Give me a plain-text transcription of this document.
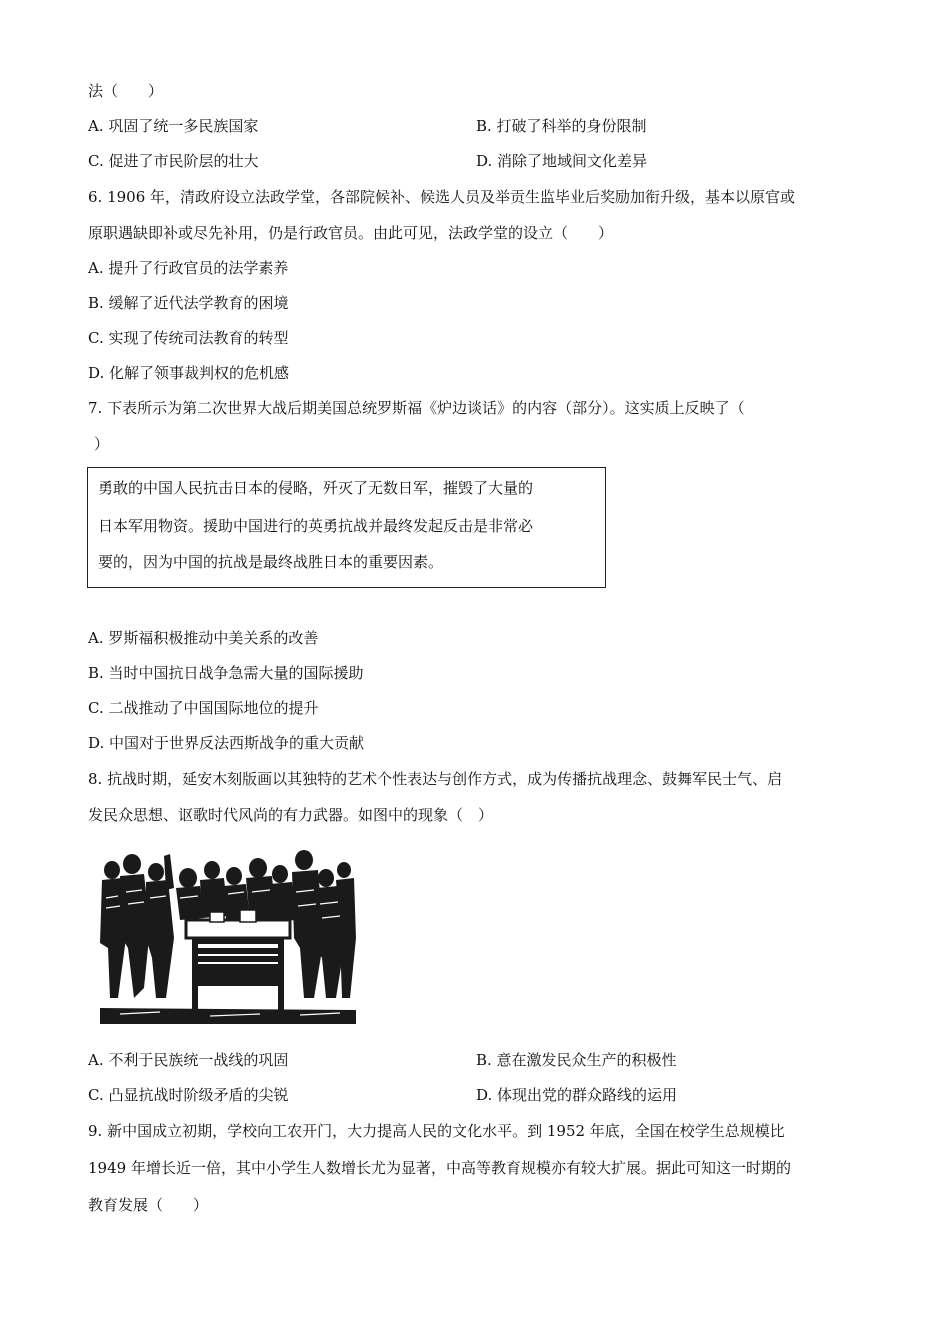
法（　　）
A. 巩固了统一多民族国家	B. 打破了科举的身份限制
C. 促进了市民阶层的壮大	D. 消除了地域间文化差异
6. 1906 年，清政府设立法政学堂，各部院候补、候选人员及举贡生监毕业后奖励加衔升级，基本以原官或
原职遇缺即补或尽先补用，仍是行政官员。由此可见，法政学堂的设立（　　）
A. 提升了行政官员的法学素养
B. 缓解了近代法学教育的困境
C. 实现了传统司法教育的转型
D. 化解了领事裁判权的危机感
7. 下表所示为第二次世界大战后期美国总统罗斯福《炉边谈话》的内容（部分）。这实质上反映了（
）
勇敢的中国人民抗击日本的侵略，歼灭了无数日军，摧毁了大量的
日本军用物资。援助中国进行的英勇抗战并最终发起反击是非常必
要的，因为中国的抗战是最终战胜日本的重要因素。
A. 罗斯福积极推动中美关系的改善
B. 当时中国抗日战争急需大量的国际援助
C. 二战推动了中国国际地位的提升
D. 中国对于世界反法西斯战争的重大贡献
8. 抗战时期，延安木刻版画以其独特的艺术个性表达与创作方式，成为传播抗战理念、鼓舞军民士气、启
发民众思想、讴歌时代风尚的有力武器。如图中的现象（　）
A. 不利于民族统一战线的巩固	B. 意在激发民众生产的积极性
C. 凸显抗战时阶级矛盾的尖锐	D. 体现出党的群众路线的运用
9. 新中国成立初期，学校向工农开门，大力提高人民的文化水平。到 1952 年底，全国在校学生总规模比
1949 年增长近一倍，其中小学生人数增长尤为显著，中高等教育规模亦有较大扩展。据此可知这一时期的
教育发展（　　）
